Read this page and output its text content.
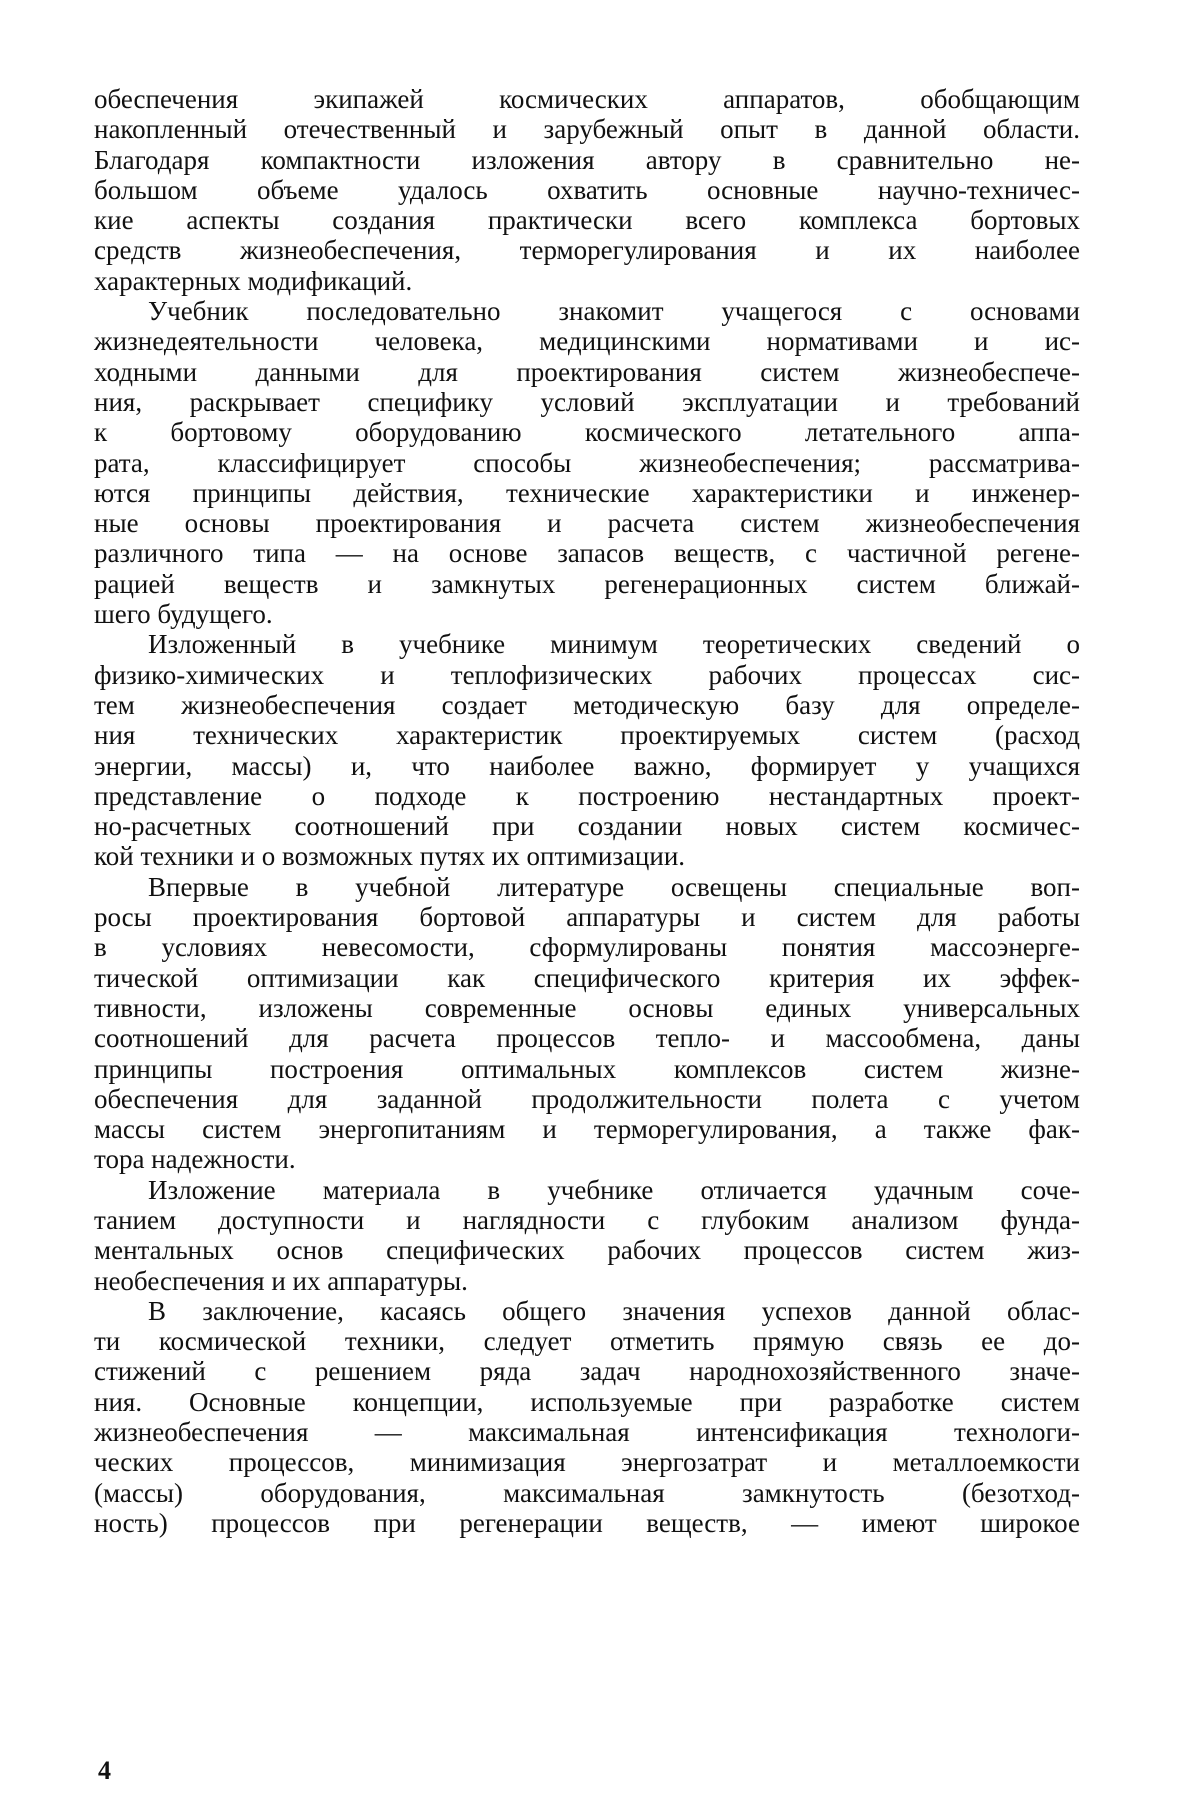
обеспечения экипажей космических аппаратов, обобщающим
накопленный отечественный и зарубежный опыт в данной области.
Благодаря компактности изложения автору в сравнительно не-
большом объеме удалось охватить основные научно-техничес-
кие аспекты создания практически всего комплекса бортовых
средств жизнеобеспечения, терморегулирования и их наиболее
характерных модификаций.
Учебник последовательно знакомит учащегося с основами
жизнедеятельности человека, медицинскими нормативами и ис-
ходными данными для проектирования систем жизнеобеспече-
ния, раскрывает специфику условий эксплуатации и требований
к бортовому оборудованию космического летательного аппа-
рата, классифицирует способы жизнеобеспечения; рассматрива-
ются принципы действия, технические характеристики и инженер-
ные основы проектирования и расчета систем жизнеобеспечения
различного типа — на основе запасов веществ, с частичной регене-
рацией веществ и замкнутых регенерационных систем ближай-
шего будущего.
Изложенный в учебнике минимум теоретических сведений о
физико-химических и теплофизических рабочих процессах сис-
тем жизнеобеспечения создает методическую базу для определе-
ния технических характеристик проектируемых систем (расход
энергии, массы) и, что наиболее важно, формирует у учащихся
представление о подходе к построению нестандартных проект-
но-расчетных соотношений при создании новых систем космичес-
кой техники и о возможных путях их оптимизации.
Впервые в учебной литературе освещены специальные воп-
росы проектирования бортовой аппаратуры и систем для работы
в условиях невесомости, сформулированы понятия массоэнерге-
тической оптимизации как специфического критерия их эффек-
тивности, изложены современные основы единых универсальных
соотношений для расчета процессов тепло- и массообмена, даны
принципы построения оптимальных комплексов систем жизне-
обеспечения для заданной продолжительности полета с учетом
массы систем энергопитаниям и терморегулирования, а также фак-
тора надежности.
Изложение материала в учебнике отличается удачным соче-
танием доступности и наглядности с глубоким анализом фунда-
ментальных основ специфических рабочих процессов систем жиз-
необеспечения и их аппаратуры.
В заключение, касаясь общего значения успехов данной облас-
ти космической техники, следует отметить прямую связь ее до-
стижений с решением ряда задач народнохозяйственного значе-
ния. Основные концепции, используемые при разработке систем
жизнеобеспечения — максимальная интенсификация технологи-
ческих процессов, минимизация энергозатрат и металлоемкости
(массы) оборудования, максимальная замкнутость (безотход-
ность) процессов при регенерации веществ, — имеют широкое
4
